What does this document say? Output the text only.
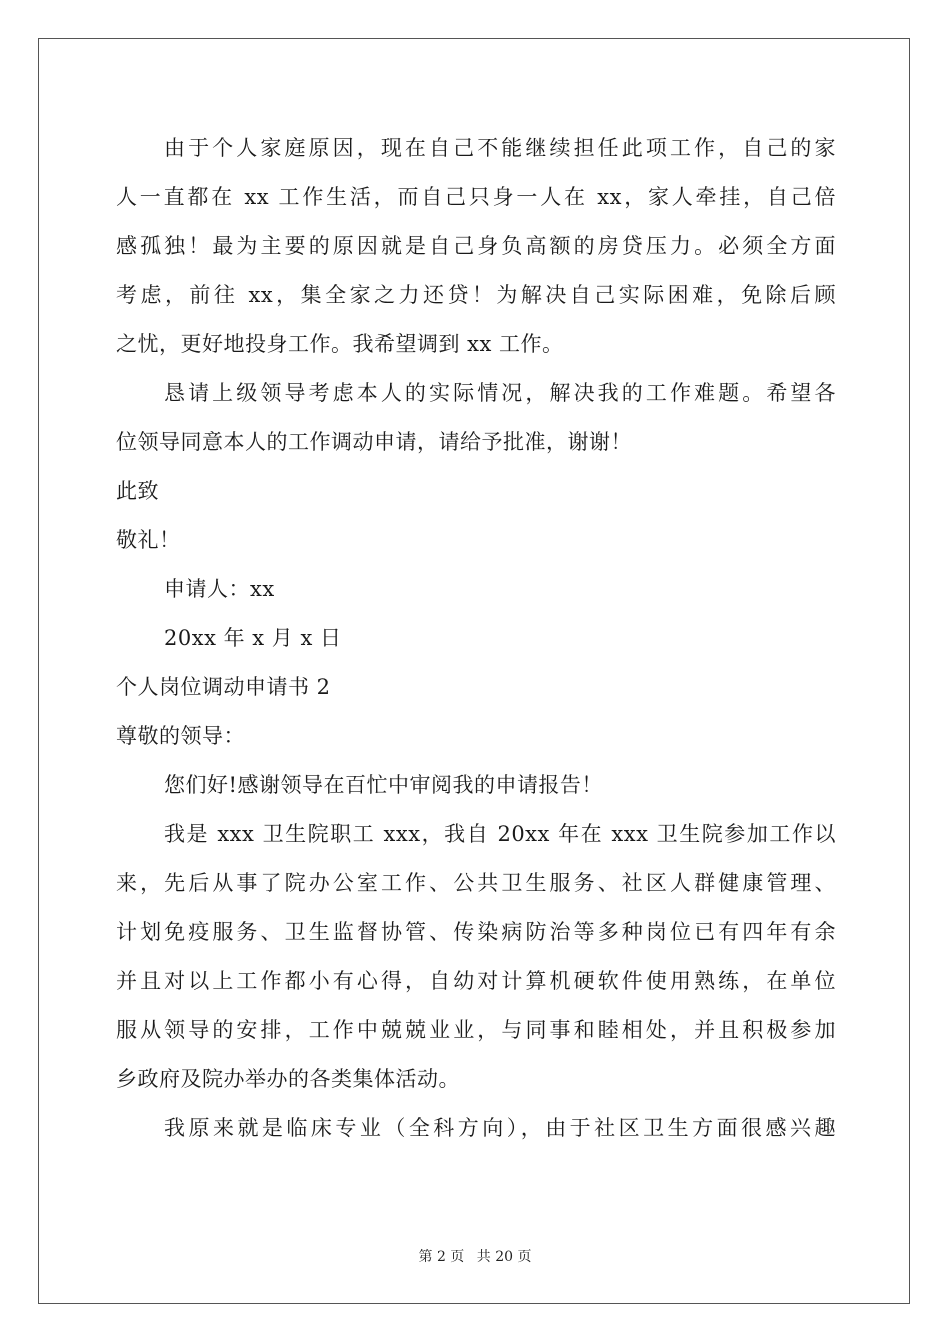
由于个人家庭原因，现在自己不能继续担任此项工作，自己的家
人一直都在 xx 工作生活，而自己只身一人在 xx，家人牵挂，自己倍
感孤独！最为主要的原因就是自己身负高额的房贷压力。必须全方面
考虑，前往 xx，集全家之力还贷！为解决自己实际困难，免除后顾
之忧，更好地投身工作。我希望调到 xx 工作。
恳请上级领导考虑本人的实际情况，解决我的工作难题。希望各
位领导同意本人的工作调动申请，请给予批准，谢谢！
此致
敬礼！
申请人：xx
20xx 年 x 月 x 日
个人岗位调动申请书 2
尊敬的领导：
您们好!感谢领导在百忙中审阅我的申请报告！
我是 xxx 卫生院职工 xxx，我自 20xx 年在 xxx 卫生院参加工作以
来，先后从事了院办公室工作、公共卫生服务、社区人群健康管理、
计划免疫服务、卫生监督协管、传染病防治等多种岗位已有四年有余
并且对以上工作都小有心得，自幼对计算机硬软件使用熟练，在单位
服从领导的安排，工作中兢兢业业，与同事和睦相处，并且积极参加
乡政府及院办举办的各类集体活动。
我原来就是临床专业（全科方向），由于社区卫生方面很感兴趣
第 2 页 共 20 页
